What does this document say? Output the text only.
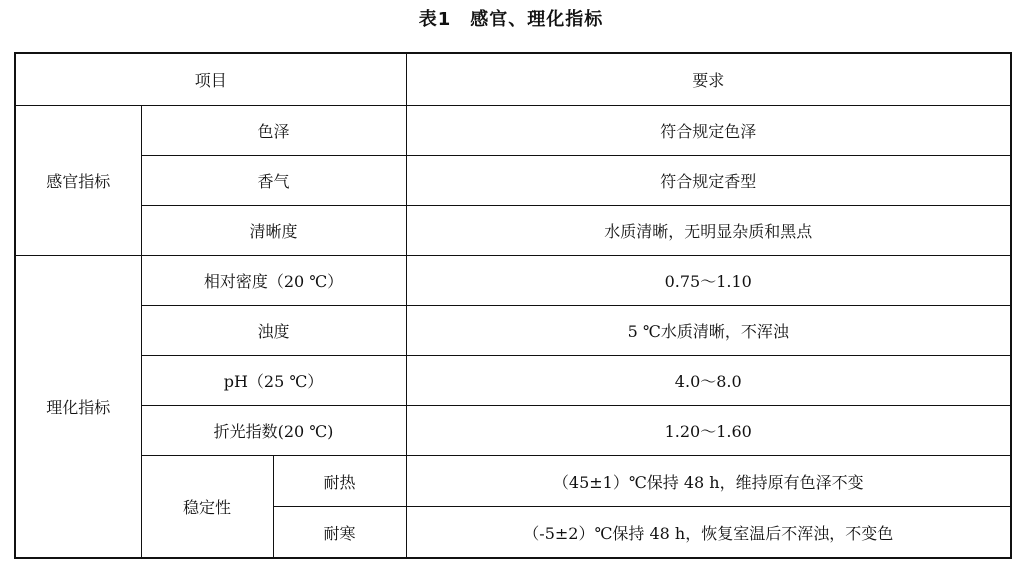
表1　感官、理化指标
项目			要求
感官指标	色泽		符合规定色泽
	香气		符合规定香型
	清晰度		水质清晰，无明显杂质和黑点
理化指标	相对密度（20 ℃）		0.75～1.10
	浊度		5 ℃水质清晰，不浑浊
	pH（25 ℃）		4.0～8.0
	折光指数(20 ℃)		1.20～1.60
	稳定性	耐热	（45±1）℃保持 48 h，维持原有色泽不变
		耐寒	（-5±2）℃保持 48 h，恢复室温后不浑浊，不变色
